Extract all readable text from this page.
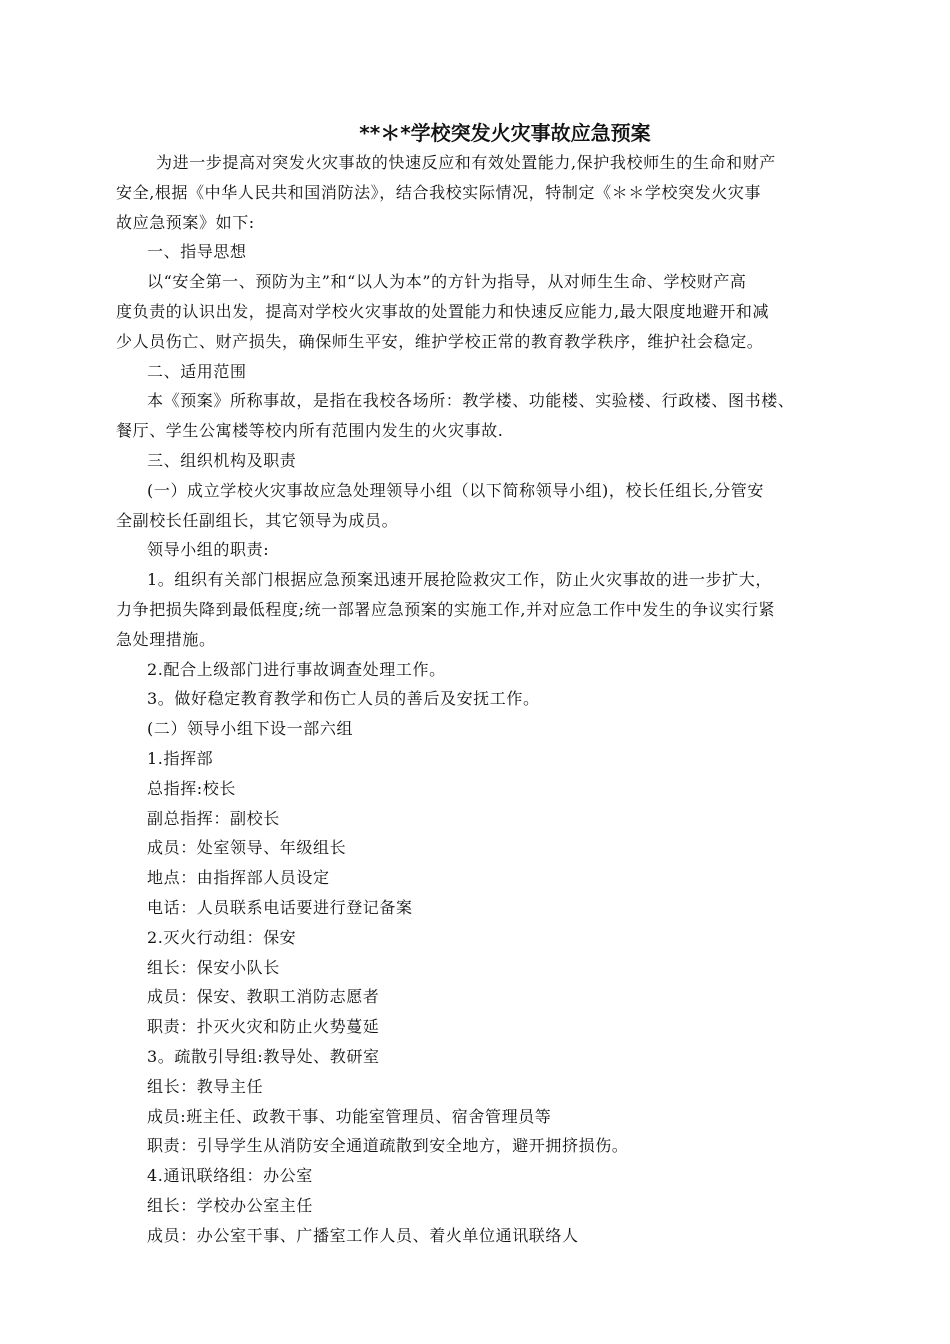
**＊*学校突发火灾事故应急预案

为进一步提高对突发火灾事故的快速反应和有效处置能力,保护我校师生的生命和财产

安全,根据《中华人民共和国消防法》，结合我校实际情况，特制定《＊＊学校突发火灾事

故应急预案》如下:

一、指导思想

以“安全第一、预防为主”和“以人为本”的方针为指导，从对师生生命、学校财产高

度负责的认识出发，提高对学校火灾事故的处置能力和快速反应能力,最大限度地避开和减

少人员伤亡、财产损失，确保师生平安，维护学校正常的教育教学秩序，维护社会稳定。

二、适用范围

本《预案》所称事故，是指在我校各场所：教学楼、功能楼、实验楼、行政楼、图书楼、

餐厅、学生公寓楼等校内所有范围内发生的火灾事故.

三、组织机构及职责

(一）成立学校火灾事故应急处理领导小组（以下简称领导小组)，校长任组长,分管安

全副校长任副组长，其它领导为成员。

领导小组的职责:

1。组织有关部门根据应急预案迅速开展抢险救灾工作，防止火灾事故的进一步扩大，

力争把损失降到最低程度;统一部署应急预案的实施工作,并对应急工作中发生的争议实行紧

急处理措施。

2.配合上级部门进行事故调查处理工作。

3。做好稳定教育教学和伤亡人员的善后及安抚工作。

(二）领导小组下设一部六组

1.指挥部

总指挥:校长

副总指挥：副校长

成员：处室领导、年级组长

地点：由指挥部人员设定

电话：人员联系电话要进行登记备案

2.灭火行动组：保安

组长：保安小队长

成员：保安、教职工消防志愿者

职责：扑灭火灾和防止火势蔓延

3。疏散引导组:教导处、教研室

组长：教导主任

成员:班主任、政教干事、功能室管理员、宿舍管理员等

职责：引导学生从消防安全通道疏散到安全地方，避开拥挤损伤。

4.通讯联络组：办公室

组长：学校办公室主任

成员：办公室干事、广播室工作人员、着火单位通讯联络人
